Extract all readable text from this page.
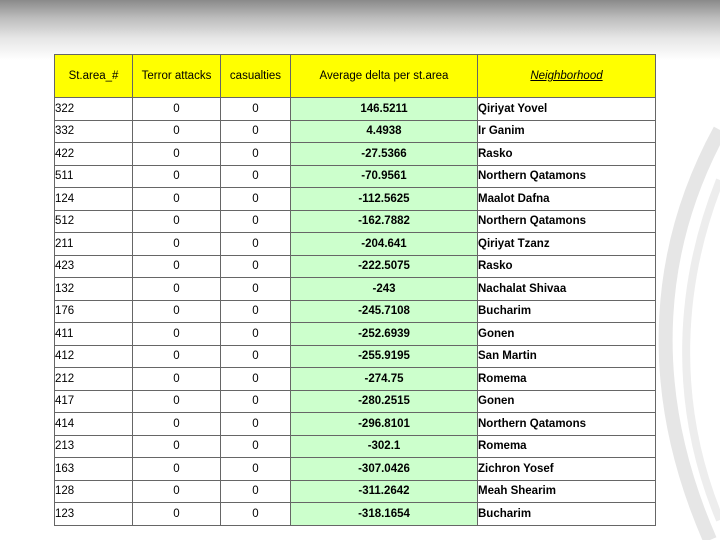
St.area_#	Terror attacks	casualties	Average delta per st.area	Neighborhood
322	0	0	146.5211	Qiriyat Yovel
332	0	0	4.4938	Ir Ganim
422	0	0	-27.5366	Rasko
511	0	0	-70.9561	Northern Qatamons
124	0	0	-112.5625	Maalot Dafna
512	0	0	-162.7882	Northern Qatamons
211	0	0	-204.641	Qiriyat Tzanz
423	0	0	-222.5075	Rasko
132	0	0	-243	Nachalat Shivaa
176	0	0	-245.7108	Bucharim
411	0	0	-252.6939	Gonen
412	0	0	-255.9195	San Martin
212	0	0	-274.75	Romema
417	0	0	-280.2515	Gonen
414	0	0	-296.8101	Northern Qatamons
213	0	0	-302.1	Romema
163	0	0	-307.0426	Zichron Yosef
128	0	0	-311.2642	Meah Shearim
123	0	0	-318.1654	Bucharim
